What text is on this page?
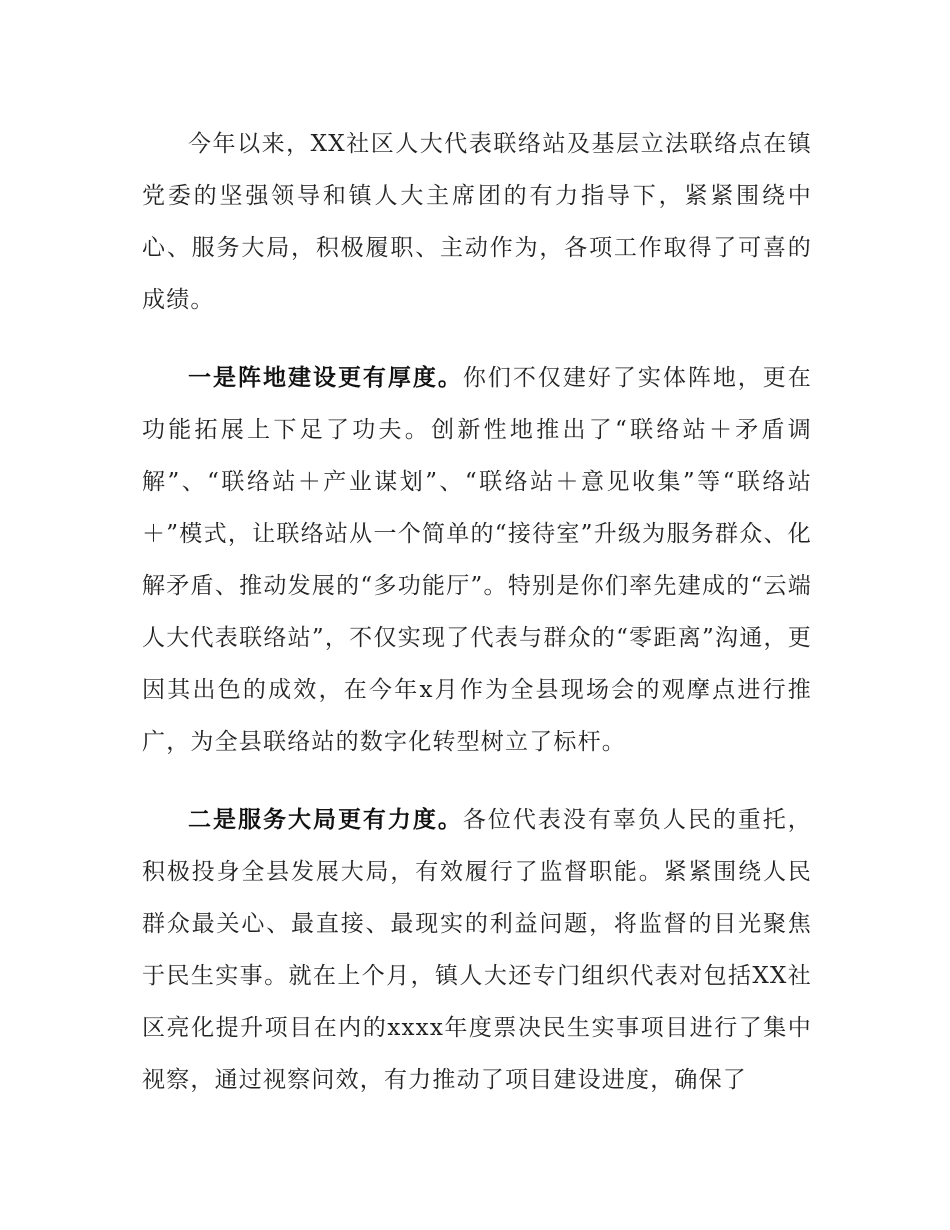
今年以来，XX社区人大代表联络站及基层立法联络点在镇党委的坚强领导和镇人大主席团的有力指导下，紧紧围绕中心、服务大局，积极履职、主动作为，各项工作取得了可喜的成绩。

一是阵地建设更有厚度。你们不仅建好了实体阵地，更在功能拓展上下足了功夫。创新性地推出了“联络站＋矛盾调解”、“联络站＋产业谋划”、“联络站＋意见收集”等“联络站＋”模式，让联络站从一个简单的“接待室”升级为服务群众、化解矛盾、推动发展的“多功能厅”。特别是你们率先建成的“云端人大代表联络站”，不仅实现了代表与群众的“零距离”沟通，更因其出色的成效，在今年x月作为全县现场会的观摩点进行推广，为全县联络站的数字化转型树立了标杆。

二是服务大局更有力度。各位代表没有辜负人民的重托，积极投身全县发展大局，有效履行了监督职能。紧紧围绕人民群众最关心、最直接、最现实的利益问题，将监督的目光聚焦于民生实事。就在上个月，镇人大还专门组织代表对包括XX社区亮化提升项目在内的xxxx年度票决民生实事项目进行了集中视察，通过视察问效，有力推动了项目建设进度，确保了
